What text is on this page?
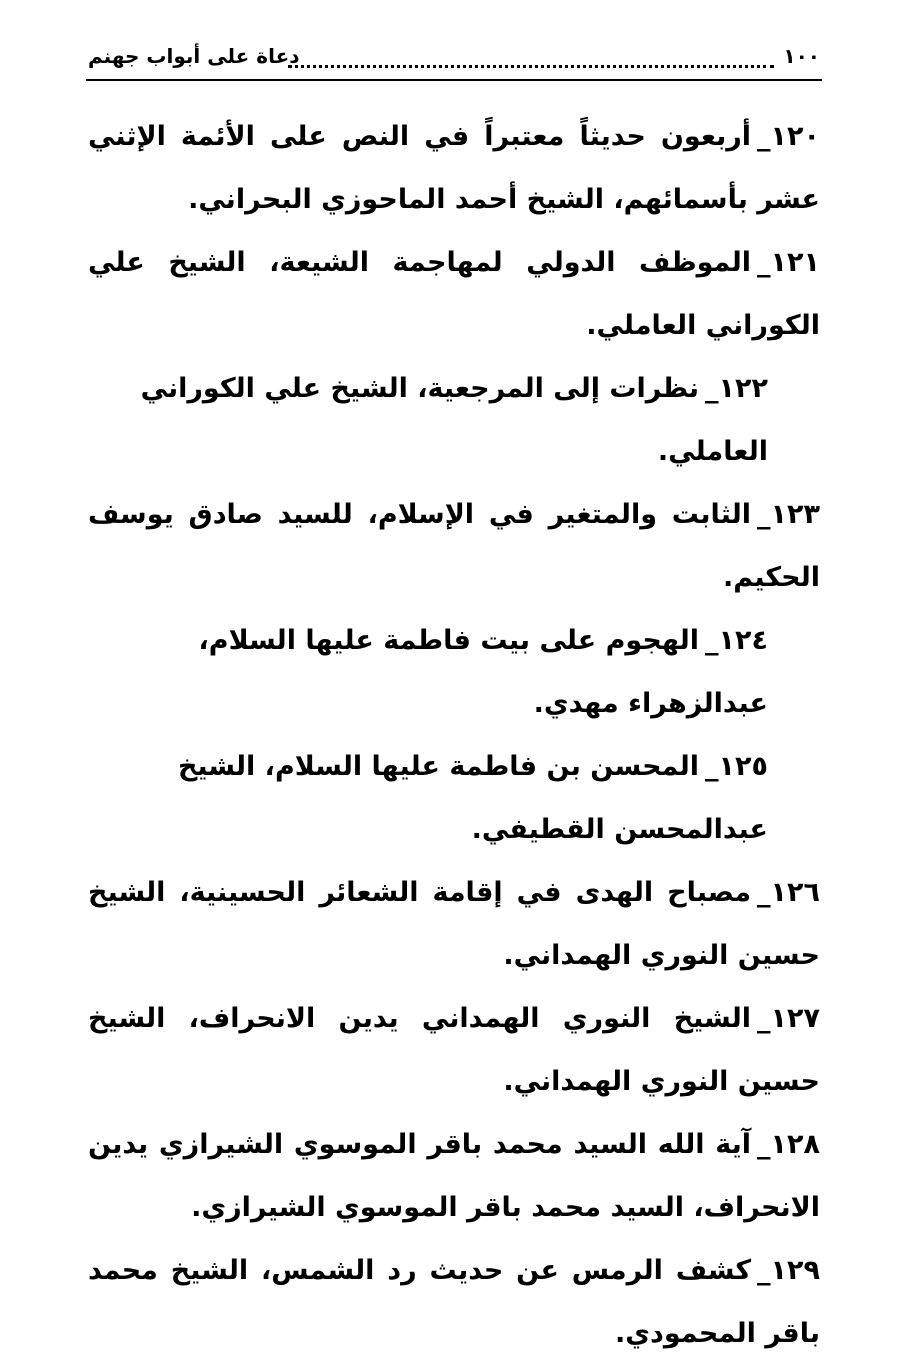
١٠٠
دعاة على أبواب جهنم

١٢٠_أربعون حديثاً معتبراً في النص على الأئمة الإثني عشر بأسمائهم، الشيخ أحمد الماحوزي البحراني.

١٢١_الموظف الدولي لمهاجمة الشيعة، الشيخ علي الكوراني العاملي.

١٢٢_نظرات إلى المرجعية، الشيخ علي الكوراني العاملي.

١٢٣_الثابت والمتغير في الإسلام، للسيد صادق يوسف الحكيم.

١٢٤_الهجوم على بيت فاطمة عليها السلام، عبدالزهراء مهدي.

١٢٥_المحسن بن فاطمة عليها السلام، الشيخ عبدالمحسن القطيفي.

١٢٦_مصباح الهدى في إقامة الشعائر الحسينية، الشيخ حسين النوري الهمداني.

١٢٧_الشيخ النوري الهمداني يدين الانحراف، الشيخ حسين النوري الهمداني.

١٢٨_آية الله السيد محمد باقر الموسوي الشيرازي يدين الانحراف، السيد محمد باقر الموسوي الشيرازي.

١٢٩_كشف الرمس عن حديث رد الشمس، الشيخ محمد باقر المحمودي.
